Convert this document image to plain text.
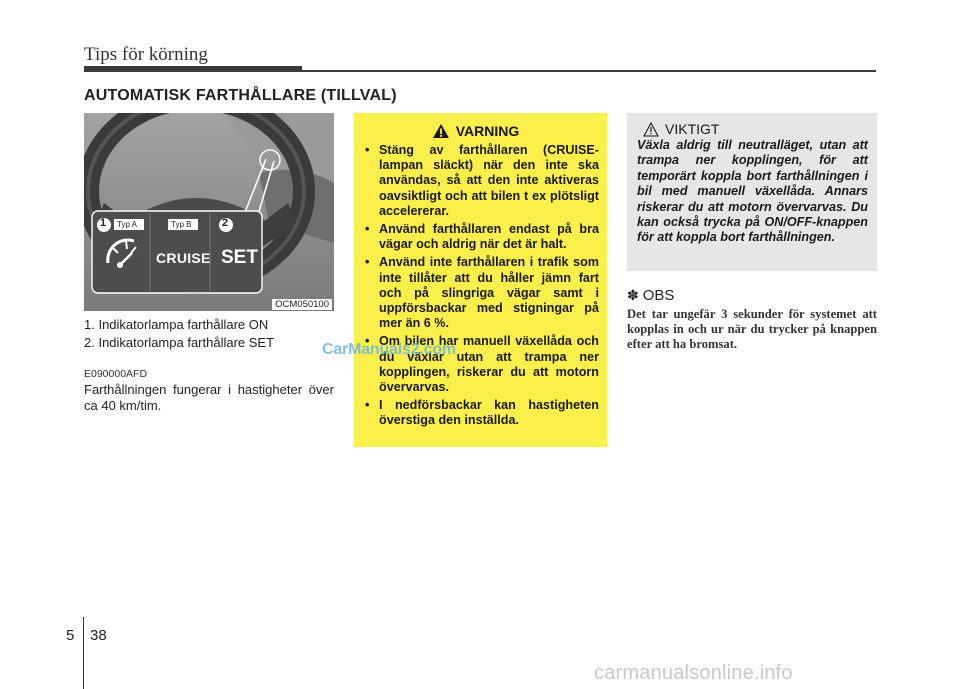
Tips för körning
AUTOMATISK FARTHÅLLARE (TILLVAL)
1	2
Typ A	Typ B
CRUISE SET
OCM050100
1. Indikatorlampa farthållare ON
2. Indikatorlampa farthållare SET
E090000AFD
Farthållningen fungerar i hastigheter över ca 40 km/tim.
VARNING
• Stäng av farthållaren (CRUISE-lampan släckt) när den inte ska användas, så att den inte aktiveras oavsiktligt och att bilen t ex plötsligt accelererar.
• Använd farthållaren endast på bra vägar och aldrig när det är halt.
• Använd inte farthållaren i trafik som inte tillåter att du håller jämn fart och på slingriga vägar samt i uppförsbackar med stigningar på mer än 6 %.
• Om bilen har manuell växellåda och du växlar utan att trampa ner kopplingen, riskerar du att motorn övervarvas.
• I nedförsbackar kan hastigheten överstiga den inställda.
VIKTIGT
Växla aldrig till neutralläget, utan att trampa ner kopplingen, för att temporärt koppla bort farthållningen i bil med manuell växellåda. Annars riskerar du att motorn övervarvas. Du kan också trycka på ON/OFF-knappen för att koppla bort farthållningen.
✽ OBS
Det tar ungefär 3 sekunder för systemet att kopplas in och ur när du trycker på knappen efter att ha bromsat.
CarManuals2.com
5 38
carmanualsonline.info
